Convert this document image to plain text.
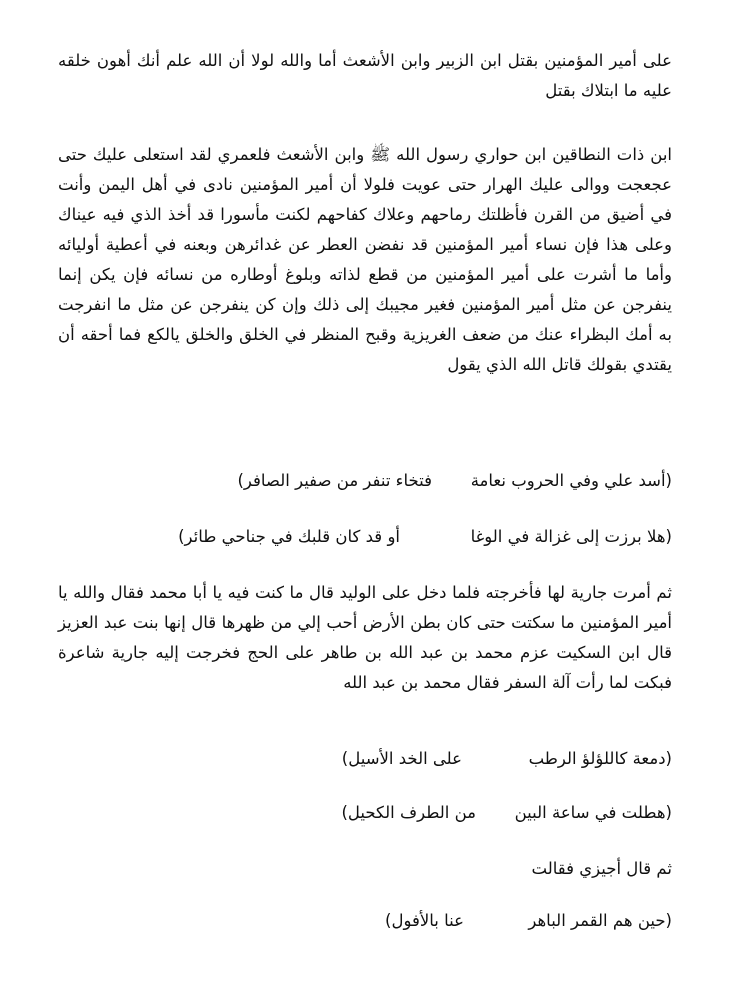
على أمير المؤمنين بقتل ابن الزبير وابن الأشعث أما والله لولا أن الله علم أنك أهون خلقه عليه ما ابتلاك بقتل
ابن ذات النطاقين ابن حواري رسول الله ﷺ وابن الأشعث فلعمري لقد استعلى عليك حتى عجعجت ووالى عليك الهرار حتى عويت فلولا أن أمير المؤمنين نادى في أهل اليمن وأنت في أضيق من القرن فأظلتك رماحهم وعلاك كفاحهم لكنت مأسورا قد أخذ الذي فيه عيناك وعلى هذا فإن نساء أمير المؤمنين قد نفضن العطر عن غدائرهن وبعنه في أعطية أوليائه وأما ما أشرت على أمير المؤمنين من قطع لذاته وبلوغ أوطاره من نسائه فإن يكن إنما ينفرجن عن مثل أمير المؤمنين فغير مجيبك إلى ذلك وإن كن ينفرجن عن مثل ما انفرجت به أمك البظراء عنك من ضعف الغريزية وقبح المنظر في الخلق والخلق يالكع فما أحقه أن يقتدي بقولك قاتل الله الذي يقول
(أسد علي وفي الحروب نعامة
فتخاء تنفر من صفير الصافر)
(هلا برزت إلى غزالة في الوغا
أو قد كان قلبك في جناحي طائر)
ثم أمرت جارية لها فأخرجته فلما دخل على الوليد قال ما كنت فيه يا أبا محمد فقال والله يا أمير المؤمنين ما سكتت حتى كان بطن الأرض أحب إلي من ظهرها قال إنها بنت عبد العزيز قال ابن السكيت عزم محمد بن عبد الله بن طاهر على الحج فخرجت إليه جارية شاعرة فبكت لما رأت آلة السفر فقال محمد بن عبد الله
(دمعة كاللؤلؤ الرطب
على الخد الأسيل)
(هطلت في ساعة البين
من الطرف الكحيل)
ثم قال أجيزي فقالت
(حين هم القمر الباهر
عنا بالأفول)
